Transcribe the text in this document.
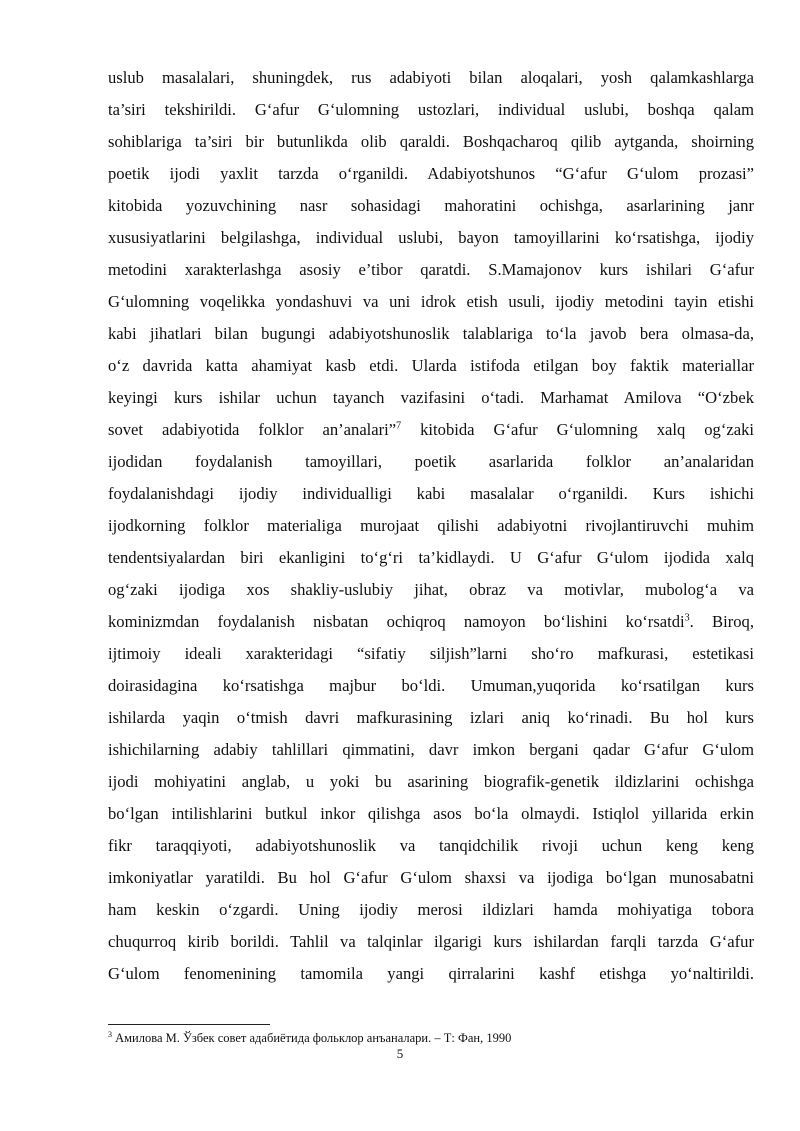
uslub masalalari, shuningdek, rus adabiyoti bilan aloqalari, yosh qalamkashlarga
ta’siri tekshirildi. G‘afur G‘ulomning ustozlari, individual uslubi, boshqa qalam
sohiblariga ta’siri bir butunlikda olib qaraldi. Boshqacharoq qilib aytganda, shoirning
poetik ijodi yaxlit tarzda o‘rganildi. Adabiyotshunos “G‘afur G‘ulom prozasi”
kitobida yozuvchining nasr sohasidagi mahoratini ochishga, asarlarining janr
xususiyatlarini belgilashga, individual uslubi, bayon tamoyillarini ko‘rsatishga, ijodiy
metodini xarakterlashga asosiy e’tibor qaratdi. S.Mamajonov kurs ishilari G‘afur
G‘ulomning voqelikka yondashuvi va uni idrok etish usuli, ijodiy metodini tayin etishi
kabi jihatlari bilan bugungi adabiyotshunoslik talablariga to‘la javob bera olmasa-da,
o‘z davrida katta ahamiyat kasb etdi. Ularda istifoda etilgan boy faktik materiallar
keyingi kurs ishilar uchun tayanch vazifasini o‘tadi. Marhamat Amilova “O‘zbek
sovet adabiyotida folklor an’analari”$^7$ kitobida G‘afur G‘ulomning xalq og‘zaki
ijodidan foydalanish tamoyillari, poetik asarlarida folklor an’analaridan
foydalanishdagi ijodiy individualligi kabi masalalar o‘rganildi. Kurs ishichi
ijodkorning folklor materialiga murojaat qilishi adabiyotni rivojlantiruvchi muhim
tendentsiyalardan biri ekanligini to‘g‘ri ta’kidlaydi. U G‘afur G‘ulom ijodida xalq
og‘zaki ijodiga xos shakliy-uslubiy jihat, obraz va motivlar, mubolog‘a va
kominizmdan foydalanish nisbatan ochiqroq namoyon bo‘lishini ko‘rsatdi$^3$. Biroq,
ijtimoiy ideali xarakteridagi “sifatiy siljish”larni sho‘ro mafkurasi, estetikasi
doirasidagina ko‘rsatishga majbur bo‘ldi. Umuman,yuqorida ko‘rsatilgan kurs
ishilarda yaqin o‘tmish davri mafkurasining izlari aniq ko‘rinadi. Bu hol kurs
ishichilarning adabiy tahlillari qimmatini, davr imkon bergani qadar G‘afur G‘ulom
ijodi mohiyatini anglab, u yoki bu asarining biografik-genetik ildizlarini ochishga
bo‘lgan intilishlarini butkul inkor qilishga asos bo‘la olmaydi. Istiqlol yillarida erkin
fikr taraqqiyoti, adabiyotshunoslik va tanqidchilik rivoji uchun keng keng
imkoniyatlar yaratildi. Bu hol G‘afur G‘ulom shaxsi va ijodiga bo‘lgan munosabatni
ham keskin o‘zgardi. Uning ijodiy merosi ildizlari hamda mohiyatiga tobora
chuqurroq kirib borildi. Tahlil va talqinlar ilgarigi kurs ishilardan farqli tarzda G‘afur
G‘ulom fenomenining tamomila yangi qirralarini kashf etishga yo‘naltirildi.
$^3$ Амилова М. Ўзбек совет адабиётида фольклор анъаналари. – Т: Фан, 1990
5
